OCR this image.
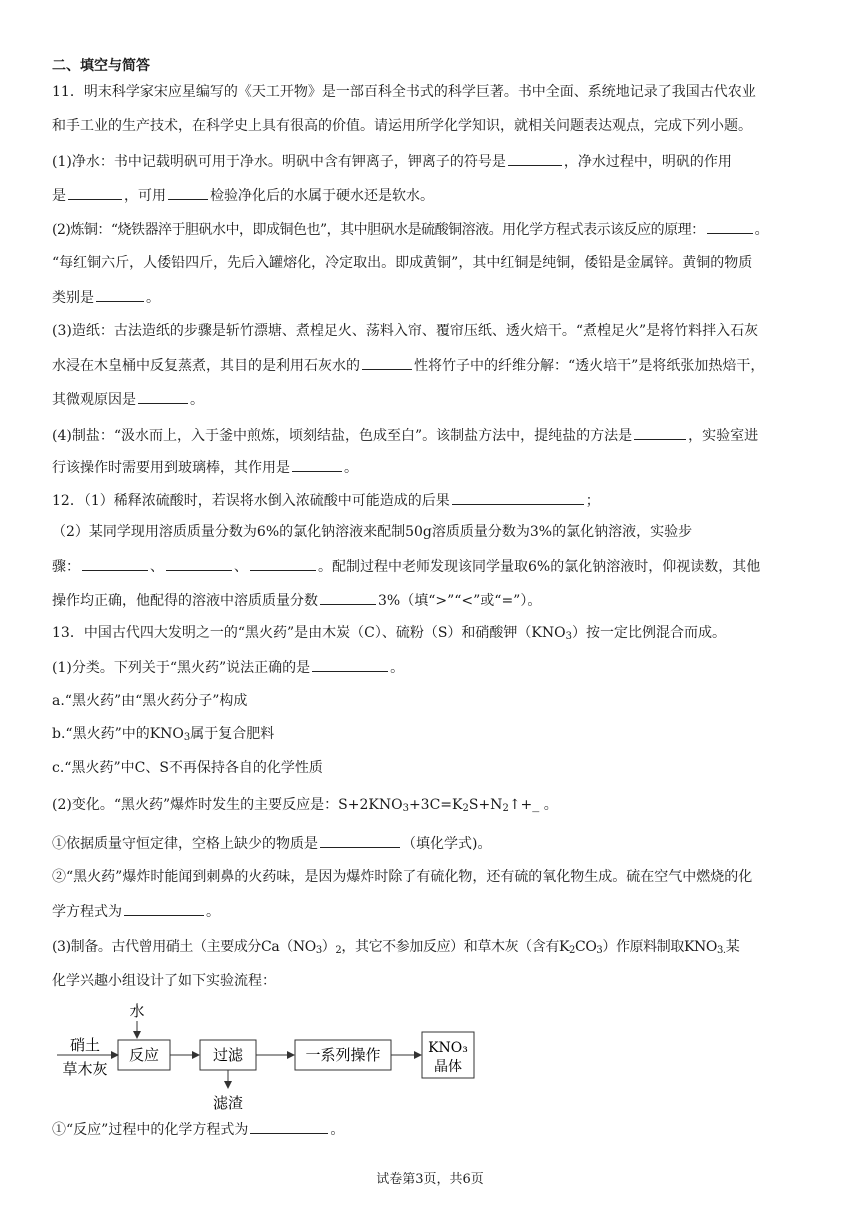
二、填空与简答
11．明末科学家宋应星编写的《天工开物》是一部百科全书式的科学巨著。书中全面、系统地记录了我国古代农业
和手工业的生产技术，在科学史上具有很高的价值。请运用所学化学知识，就相关问题表达观点，完成下列小题。
(1)净水：书中记载明矾可用于净水。明矾中含有钾离子，钾离子的符号是	，净水过程中，明矾的作用
是	，可用	检验净化后的水属于硬水还是软水。
(2)炼铜：“烧铁器淬于胆矾水中，即成铜色也”，其中胆矾水是硫酸铜溶液。用化学方程式表示该反应的原理：	。
“每红铜六斤，人倭铅四斤，先后入罐熔化，冷定取出。即成黄铜”，其中红铜是纯铜，倭铅是金属锌。黄铜的物质
类别是	。
(3)造纸：古法造纸的步骤是斩竹漂塘、煮楻足火、荡料入帘、覆帘压纸、透火焙干。“煮楻足火”是将竹料拌入石灰
水浸在木皇桶中反复蒸煮，其目的是利用石灰水的	性将竹子中的纤维分解：“透火培干”是将纸张加热焙干，
其微观原因是	。
(4)制盐：“汲水而上，入于釜中煎炼，顷刻结盐，色成至白”。该制盐方法中，提纯盐的方法是	，实验室进
行该操作时需要用到玻璃棒，其作用是	。
12．（1）稀释浓硫酸时，若误将水倒入浓硫酸中可能造成的后果	；
（2）某同学现用溶质质量分数为6%的氯化钠溶液来配制50g溶质质量分数为3%的氯化钠溶液，实验步
骤：	、	、	。配制过程中老师发现该同学量取6%的氯化钠溶液时，仰视读数，其他
操作均正确，他配得的溶液中溶质质量分数	3%（填“>”“<”或“=”）。
13．中国古代四大发明之一的“黑火药”是由木炭（C）、硫粉（S）和硝酸钾$(KNO_3)$按一定比例混合而成。
(1)分类。下列关于“黑火药”说法正确的是	。
a.“黑火药”由“黑火药分子”构成
b.“黑火药”中的$KNO_3$属于复合肥料
c.“黑火药”中C、S不再保持各自的化学性质
(2)变化。“黑火药”爆炸时发生的主要反应是：$S+2KNO_3+3C=K_2S+N_2↑+\_$ 。
①依据质量守恒定律，空格上缺少的物质是	（填化学式)。
②“黑火药”爆炸时能闻到刺鼻的火药味，是因为爆炸时除了有硫化物，还有硫的氧化物生成。硫在空气中燃烧的化
学方程式为	。
(3)制备。古代曾用硝土（主要成分$Ca(NO_3)_2$，其它不参加反应）和草木灰（含有$K_2CO_3$）作原料制取$KNO_{3.}$某
化学兴趣小组设计了如下实验流程：
水
硝土
草木灰
反应	过滤
滤渣
一系列操作	KNO₃
晶体
①“反应”过程中的化学方程式为	。
试卷第3页，共6页
